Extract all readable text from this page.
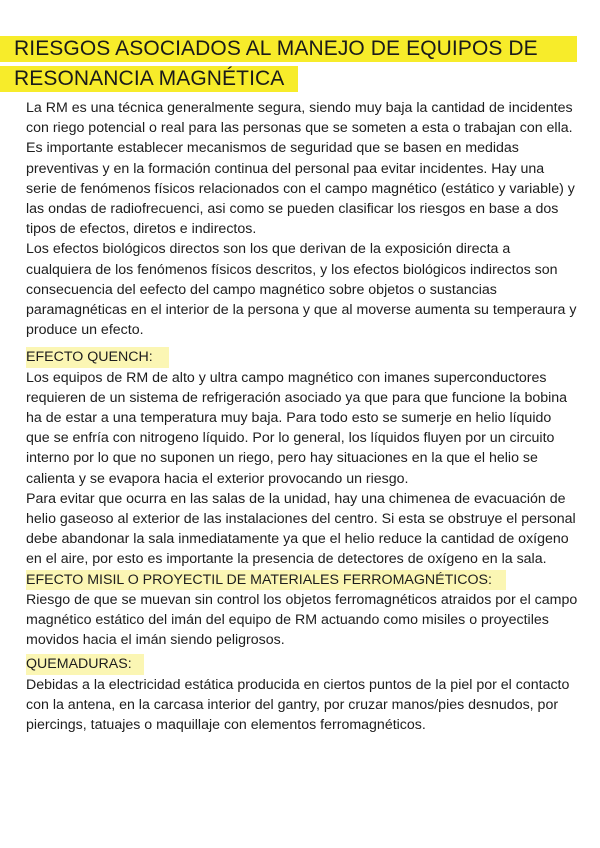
RIESGOS ASOCIADOS AL MANEJO DE EQUIPOS DE
RESONANCIA MAGNÉTICA

La RM es una técnica generalmente segura, siendo muy baja la cantidad de incidentes con riego potencial o real para las personas que se someten a esta o trabajan con ella.

Es importante establecer mecanismos de seguridad que se basen en medidas preventivas y en la formación continua del personal paa evitar incidentes. Hay una serie de fenómenos físicos relacionados con el campo magnético (estático y variable) y las ondas de radiofrecuenci, asi como se pueden clasificar los riesgos en base a dos tipos de efectos, diretos e indirectos.

Los efectos biológicos directos son los que derivan de la exposición directa a cualquiera de los fenómenos físicos descritos, y los efectos biológicos indirectos son consecuencia del eefecto del campo magnético sobre objetos o sustancias paramagnéticas en el interior de la persona y que al moverse aumenta su temperaura y produce un efecto.

EFECTO QUENCH:

Los equipos de RM de alto y ultra campo magnético con imanes superconductores requieren de un sistema de refrigeración asociado ya que para que funcione la bobina ha de estar a una temperatura muy baja. Para todo esto se sumerje en helio líquido que se enfría con nitrogeno líquido. Por lo general, los líquidos fluyen por un circuito interno por lo que no suponen un riego, pero hay situaciones en la que el helio se calienta y se evapora hacia el exterior provocando un riesgo.

Para evitar que ocurra en las salas de la unidad, hay una chimenea de evacuación de helio gaseoso al exterior de las instalaciones del centro. Si esta se obstruye el personal debe abandonar la sala inmediatamente ya que el helio reduce la cantidad de oxígeno en el aire, por esto es importante la presencia de detectores de oxígeno en la sala.

EFECTO MISIL O PROYECTIL DE MATERIALES FERROMAGNÉTICOS:

Riesgo de que se muevan sin control los objetos ferromagnéticos atraidos por el campo magnético estático del imán del equipo de RM actuando como misiles o proyectiles movidos hacia el imán siendo peligrosos.

QUEMADURAS:

Debidas a la electricidad estática producida en ciertos puntos de la piel por el contacto con la antena, en la carcasa interior del gantry, por cruzar manos/pies desnudos, por piercings, tatuajes o maquillaje con elementos ferromagnéticos.
